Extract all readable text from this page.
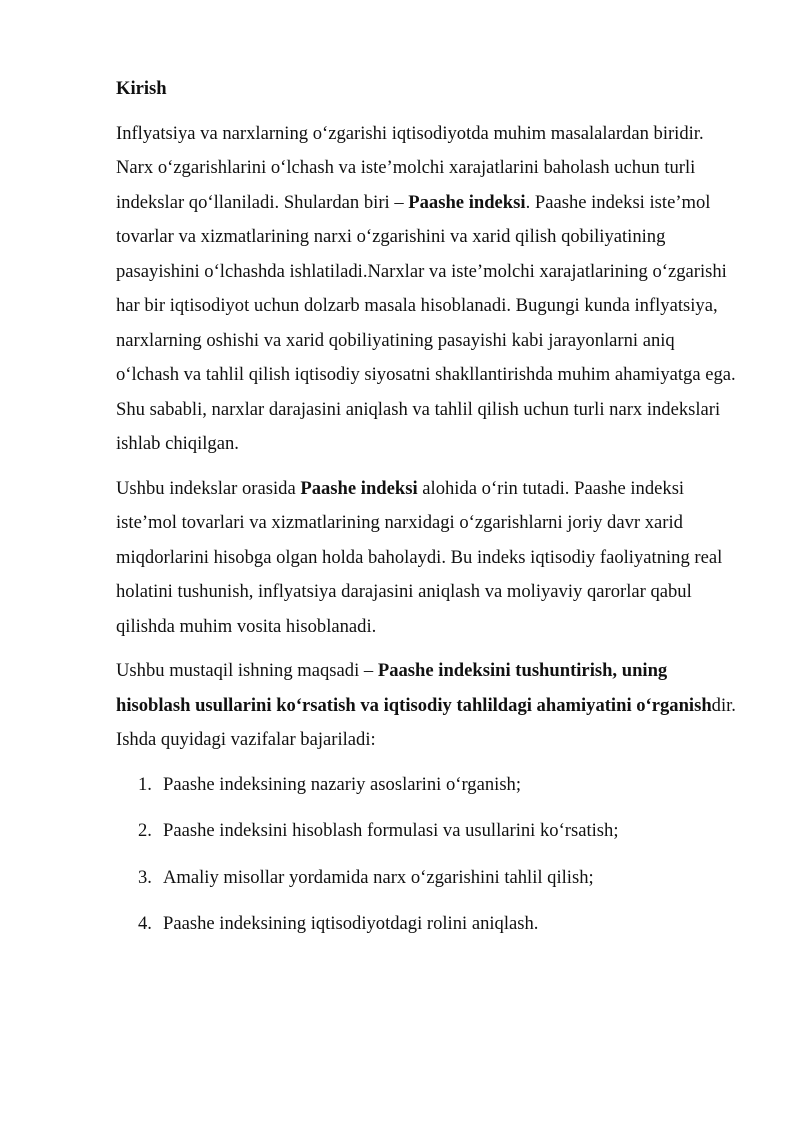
Kirish

Inflyatsiya va narxlarning o‘zgarishi iqtisodiyotda muhim masalalardan biridir. Narx o‘zgarishlarini o‘lchash va iste’molchi xarajatlarini baholash uchun turli indekslar qo‘llaniladi. Shulardan biri – Paashe indeksi. Paashe indeksi iste’mol tovarlar va xizmatlarining narxi o‘zgarishini va xarid qilish qobiliyatining pasayishini o‘lchashda ishlatiladi.Narxlar va iste’molchi xarajatlarining o‘zgarishi har bir iqtisodiyot uchun dolzarb masala hisoblanadi. Bugungi kunda inflyatsiya, narxlarning oshishi va xarid qobiliyatining pasayishi kabi jarayonlarni aniq o‘lchash va tahlil qilish iqtisodiy siyosatni shakllantirishda muhim ahamiyatga ega. Shu sababli, narxlar darajasini aniqlash va tahlil qilish uchun turli narx indekslari ishlab chiqilgan.

Ushbu indekslar orasida Paashe indeksi alohida o‘rin tutadi. Paashe indeksi iste’mol tovarlari va xizmatlarining narxidagi o‘zgarishlarni joriy davr xarid miqdorlarini hisobga olgan holda baholaydi. Bu indeks iqtisodiy faoliyatning real holatini tushunish, inflyatsiya darajasini aniqlash va moliyaviy qarorlar qabul qilishda muhim vosita hisoblanadi.

Ushbu mustaqil ishning maqsadi – Paashe indeksini tushuntirish, uning hisoblash usullarini ko‘rsatish va iqtisodiy tahlildagi ahamiyatini o‘rganishdir. Ishda quyidagi vazifalar bajariladi:

1. Paashe indeksining nazariy asoslarini o‘rganish;
2. Paashe indeksini hisoblash formulasi va usullarini ko‘rsatish;
3. Amaliy misollar yordamida narx o‘zgarishini tahlil qilish;
4. Paashe indeksining iqtisodiyotdagi rolini aniqlash.
